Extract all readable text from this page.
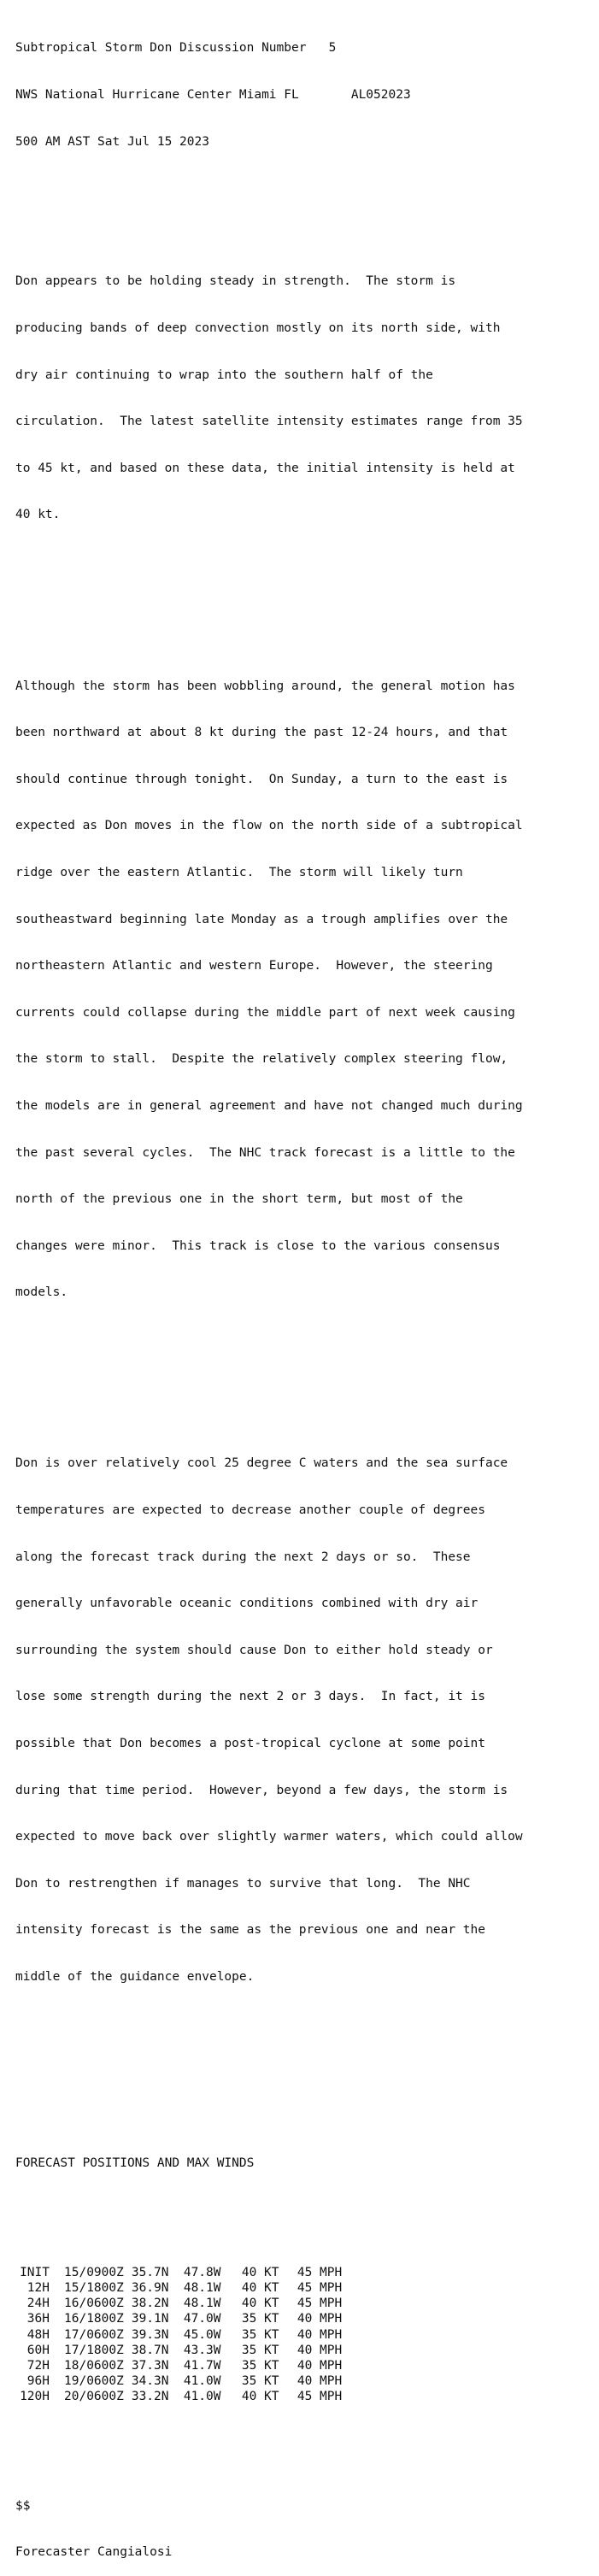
Subtropical Storm Don Discussion Number   5

NWS National Hurricane Center Miami FL       AL052023

500 AM AST Sat Jul 15 2023

Don appears to be holding steady in strength.  The storm is

producing bands of deep convection mostly on its north side, with

dry air continuing to wrap into the southern half of the

circulation.  The latest satellite intensity estimates range from 35

to 45 kt, and based on these data, the initial intensity is held at

40 kt.

Although the storm has been wobbling around, the general motion has

been northward at about 8 kt during the past 12-24 hours, and that

should continue through tonight.  On Sunday, a turn to the east is

expected as Don moves in the flow on the north side of a subtropical

ridge over the eastern Atlantic.  The storm will likely turn

southeastward beginning late Monday as a trough amplifies over the

northeastern Atlantic and western Europe.  However, the steering

currents could collapse during the middle part of next week causing

the storm to stall.  Despite the relatively complex steering flow,

the models are in general agreement and have not changed much during

the past several cycles.  The NHC track forecast is a little to the

north of the previous one in the short term, but most of the

changes were minor.  This track is close to the various consensus

models.

Don is over relatively cool 25 degree C waters and the sea surface

temperatures are expected to decrease another couple of degrees

along the forecast track during the next 2 days or so.  These

generally unfavorable oceanic conditions combined with dry air

surrounding the system should cause Don to either hold steady or

lose some strength during the next 2 or 3 days.  In fact, it is

possible that Don becomes a post-tropical cyclone at some point

during that time period.  However, beyond a few days, the storm is

expected to move back over slightly warmer waters, which could allow

Don to restrengthen if manages to survive that long.  The NHC

intensity forecast is the same as the previous one and near the

middle of the guidance envelope.

FORECAST POSITIONS AND MAX WINDS

INIT	15/0900Z	35.7N	47.8W	40 KT	45 MPH
12H	15/1800Z	36.9N	48.1W	40 KT	45 MPH
24H	16/0600Z	38.2N	48.1W	40 KT	45 MPH
36H	16/1800Z	39.1N	47.0W	35 KT	40 MPH
48H	17/0600Z	39.3N	45.0W	35 KT	40 MPH
60H	17/1800Z	38.7N	43.3W	35 KT	40 MPH
72H	18/0600Z	37.3N	41.7W	35 KT	40 MPH
96H	19/0600Z	34.3N	41.0W	35 KT	40 MPH
120H	20/0600Z	33.2N	41.0W	40 KT	45 MPH

$$

Forecaster Cangialosi
